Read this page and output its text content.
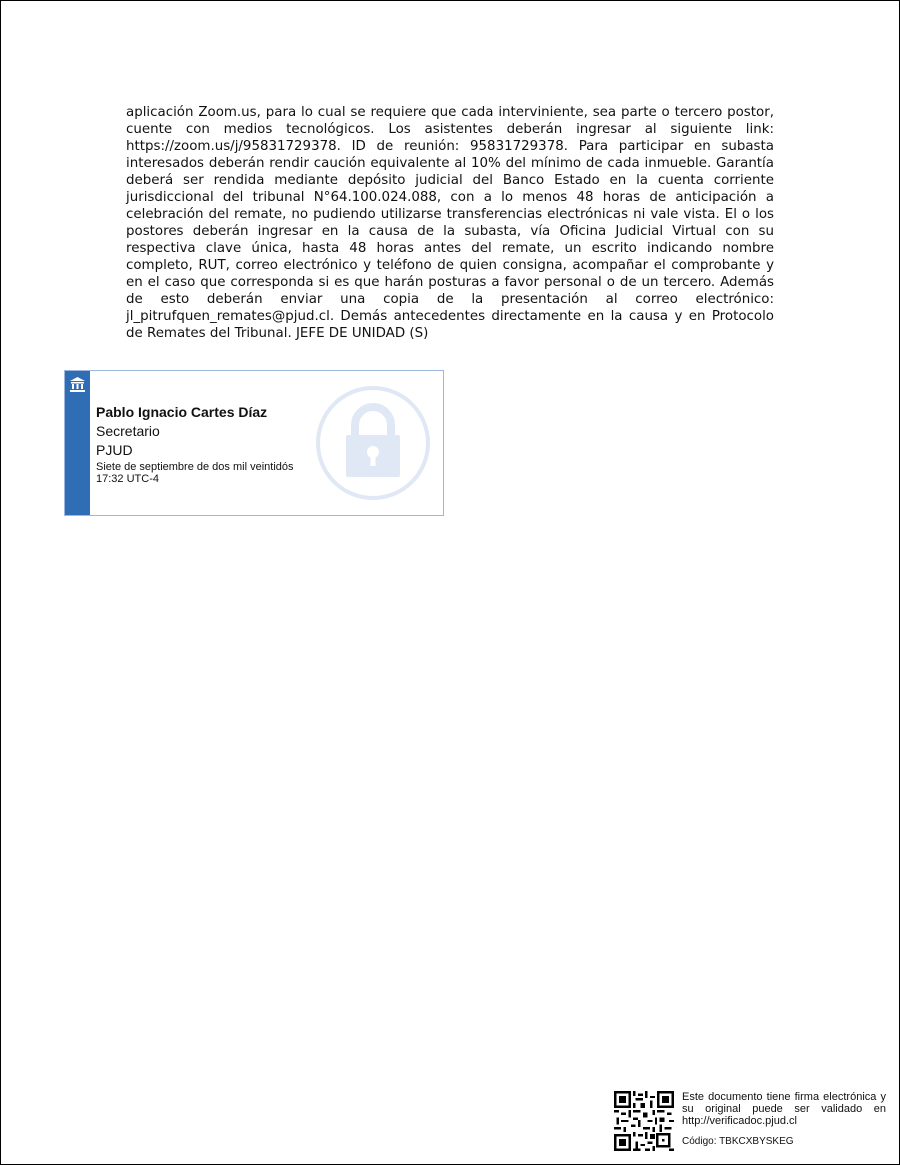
aplicación Zoom.us, para lo cual se requiere que cada interviniente, sea parte o tercero postor, cuente con medios tecnológicos. Los asistentes deberán ingresar al siguiente link: https://zoom.us/j/95831729378. ID de reunión: 95831729378. Para participar en subasta interesados deberán rendir caución equivalente al 10% del mínimo de cada inmueble. Garantía deberá ser rendida mediante depósito judicial del Banco Estado en la cuenta corriente jurisdiccional del tribunal N°64.100.024.088, con a lo menos 48 horas de anticipación a celebración del remate, no pudiendo utilizarse transferencias electrónicas ni vale vista. El o los postores deberán ingresar en la causa de la subasta, vía Oficina Judicial Virtual con su respectiva clave única, hasta 48 horas antes del remate, un escrito indicando nombre completo, RUT, correo electrónico y teléfono de quien consigna, acompañar el comprobante y en el caso que corresponda si es que harán posturas a favor personal o de un tercero. Además de esto deberán enviar una copia de la presentación al correo electrónico: jl_pitrufquen_remates@pjud.cl. Demás antecedentes directamente en la causa y en Protocolo de Remates del Tribunal. JEFE DE UNIDAD (S)

Pablo Ignacio Cartes Díaz
Secretario
PJUD
Siete de septiembre de dos mil veintidós
17:32 UTC-4

Este documento tiene firma electrónica y su original puede ser validado en http://verificadoc.pjud.cl

Código: TBKCXBYSKEG
